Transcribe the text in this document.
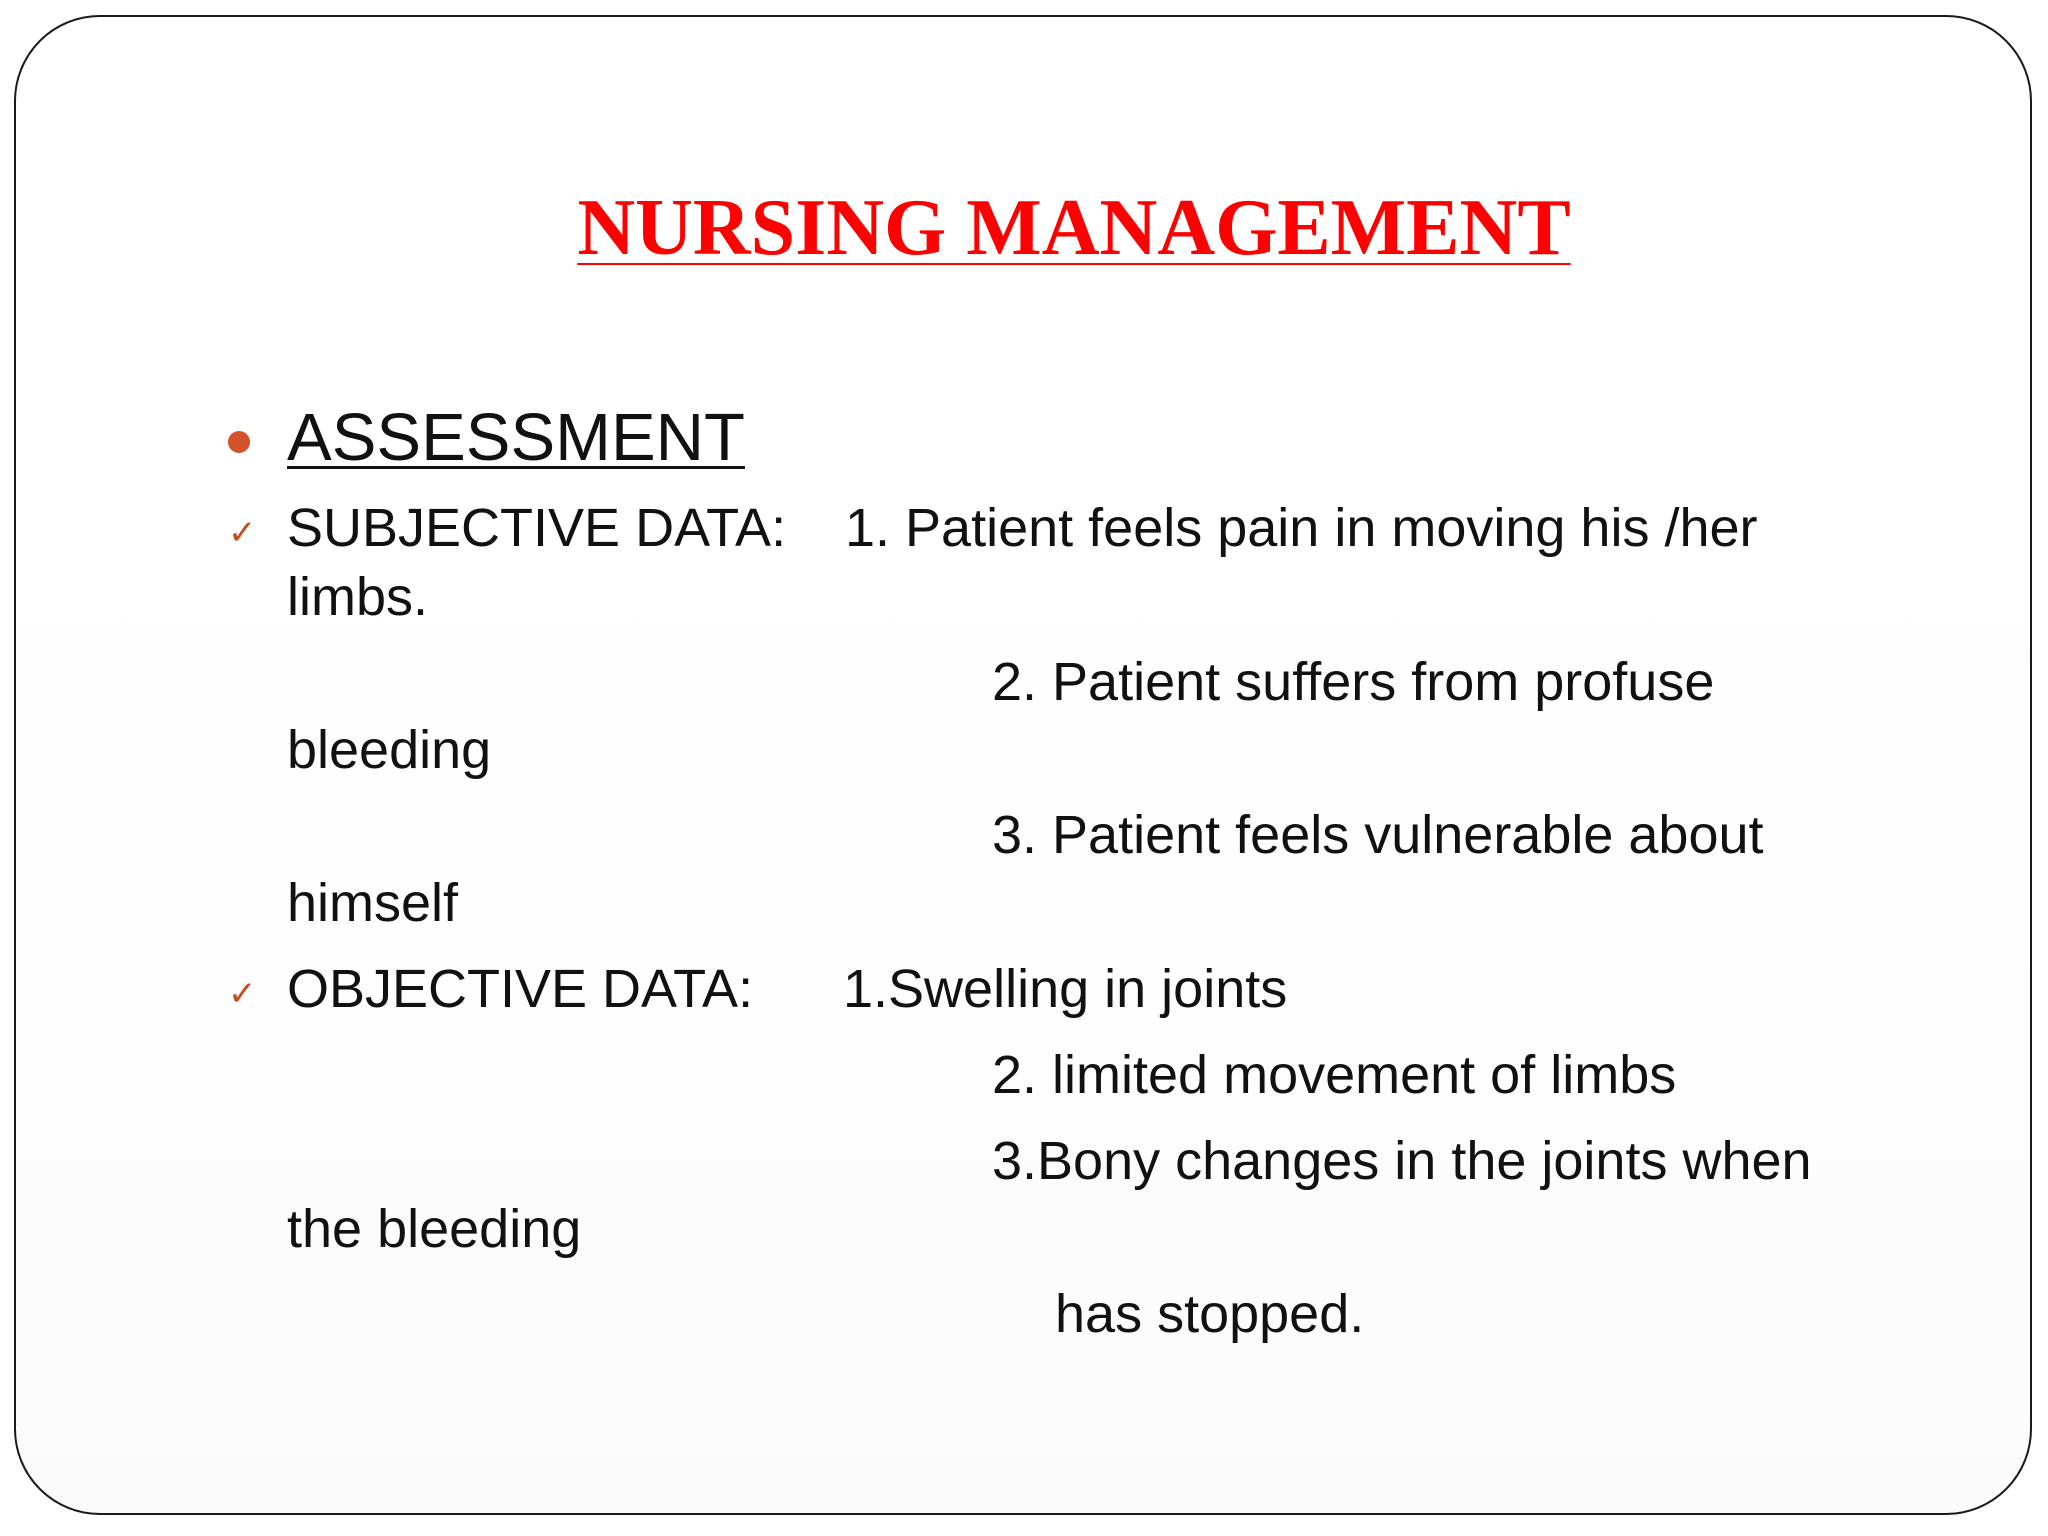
NURSING MANAGEMENT
ASSESSMENT
✓ SUBJECTIVE DATA: 1. Patient feels pain in moving his /her
limbs.
2. Patient suffers from profuse
bleeding
3. Patient feels vulnerable about
himself
✓ OBJECTIVE DATA: 1.Swelling in joints
2. limited movement of limbs
3.Bony changes in the joints when
the bleeding
has stopped.
